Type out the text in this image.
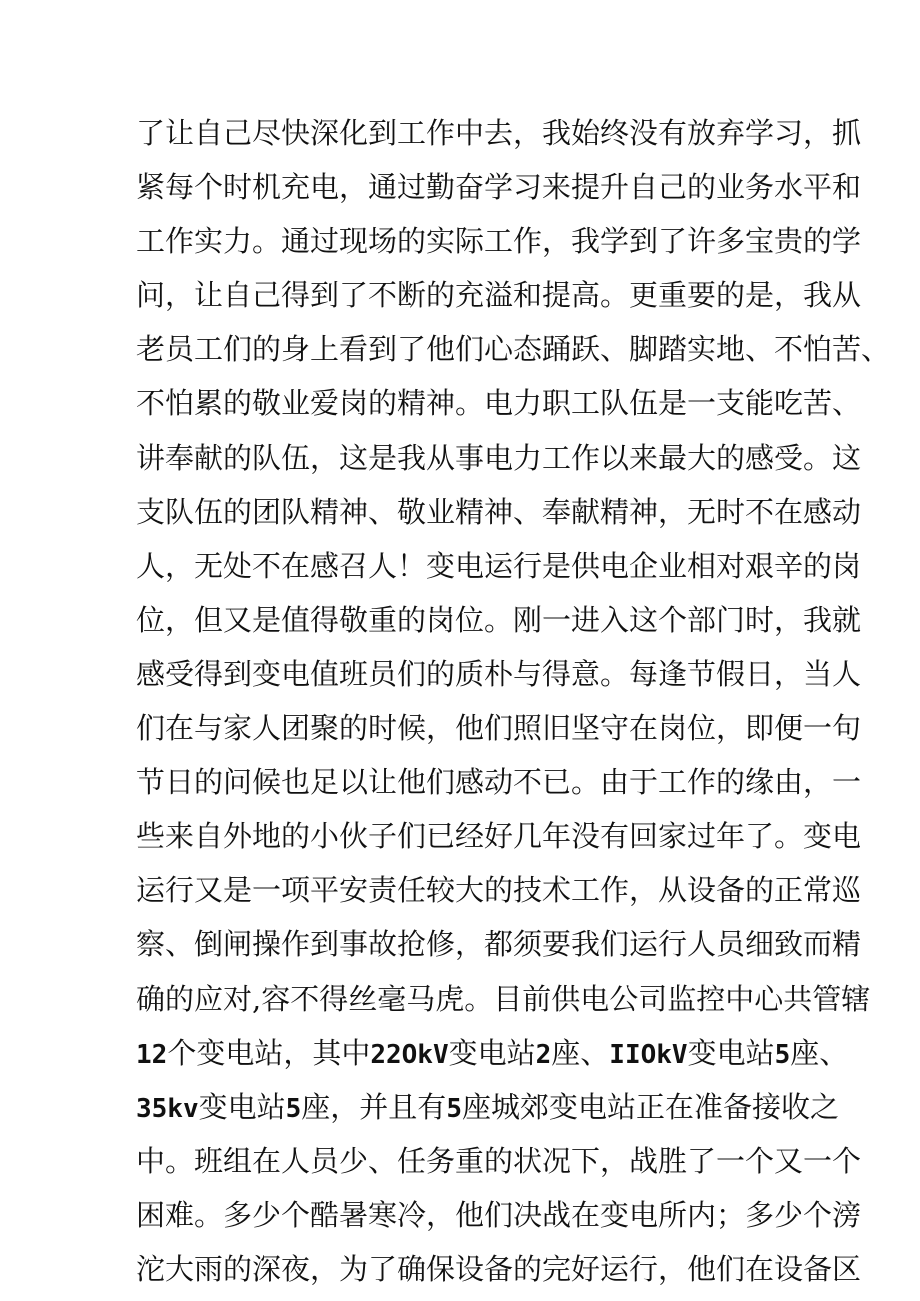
了让自己尽快深化到工作中去，我始终没有放弃学习，抓
紧每个时机充电，通过勤奋学习来提升自己的业务水平和
工作实力。通过现场的实际工作，我学到了许多宝贵的学
问，让自己得到了不断的充溢和提高。更重要的是，我从
老员工们的身上看到了他们心态踊跃、脚踏实地、不怕苦、
不怕累的敬业爱岗的精神。电力职工队伍是一支能吃苦、
讲奉献的队伍，这是我从事电力工作以来最大的感受。这
支队伍的团队精神、敬业精神、奉献精神，无时不在感动
人，无处不在感召人！变电运行是供电企业相对艰辛的岗
位，但又是值得敬重的岗位。刚一进入这个部门时，我就
感受得到变电值班员们的质朴与得意。每逢节假日，当人
们在与家人团聚的时候，他们照旧坚守在岗位，即便一句
节日的问候也足以让他们感动不已。由于工作的缘由，一
些来自外地的小伙子们已经好几年没有回家过年了。变电
运行又是一项平安责任较大的技术工作，从设备的正常巡
察、倒闸操作到事故抢修，都须要我们运行人员细致而精
确的应对,容不得丝毫马虎。目前供电公司监控中心共管辖
12个变电站，其中22OkV变电站2座、IIOkV变电站5座、
35kv变电站5座，并且有5座城郊变电站正在准备接收之
中。班组在人员少、任务重的状况下，战胜了一个又一个
困难。多少个酷暑寒冷，他们决战在变电所内；多少个滂
沱大雨的深夜，为了确保设备的完好运行，他们在设备区
